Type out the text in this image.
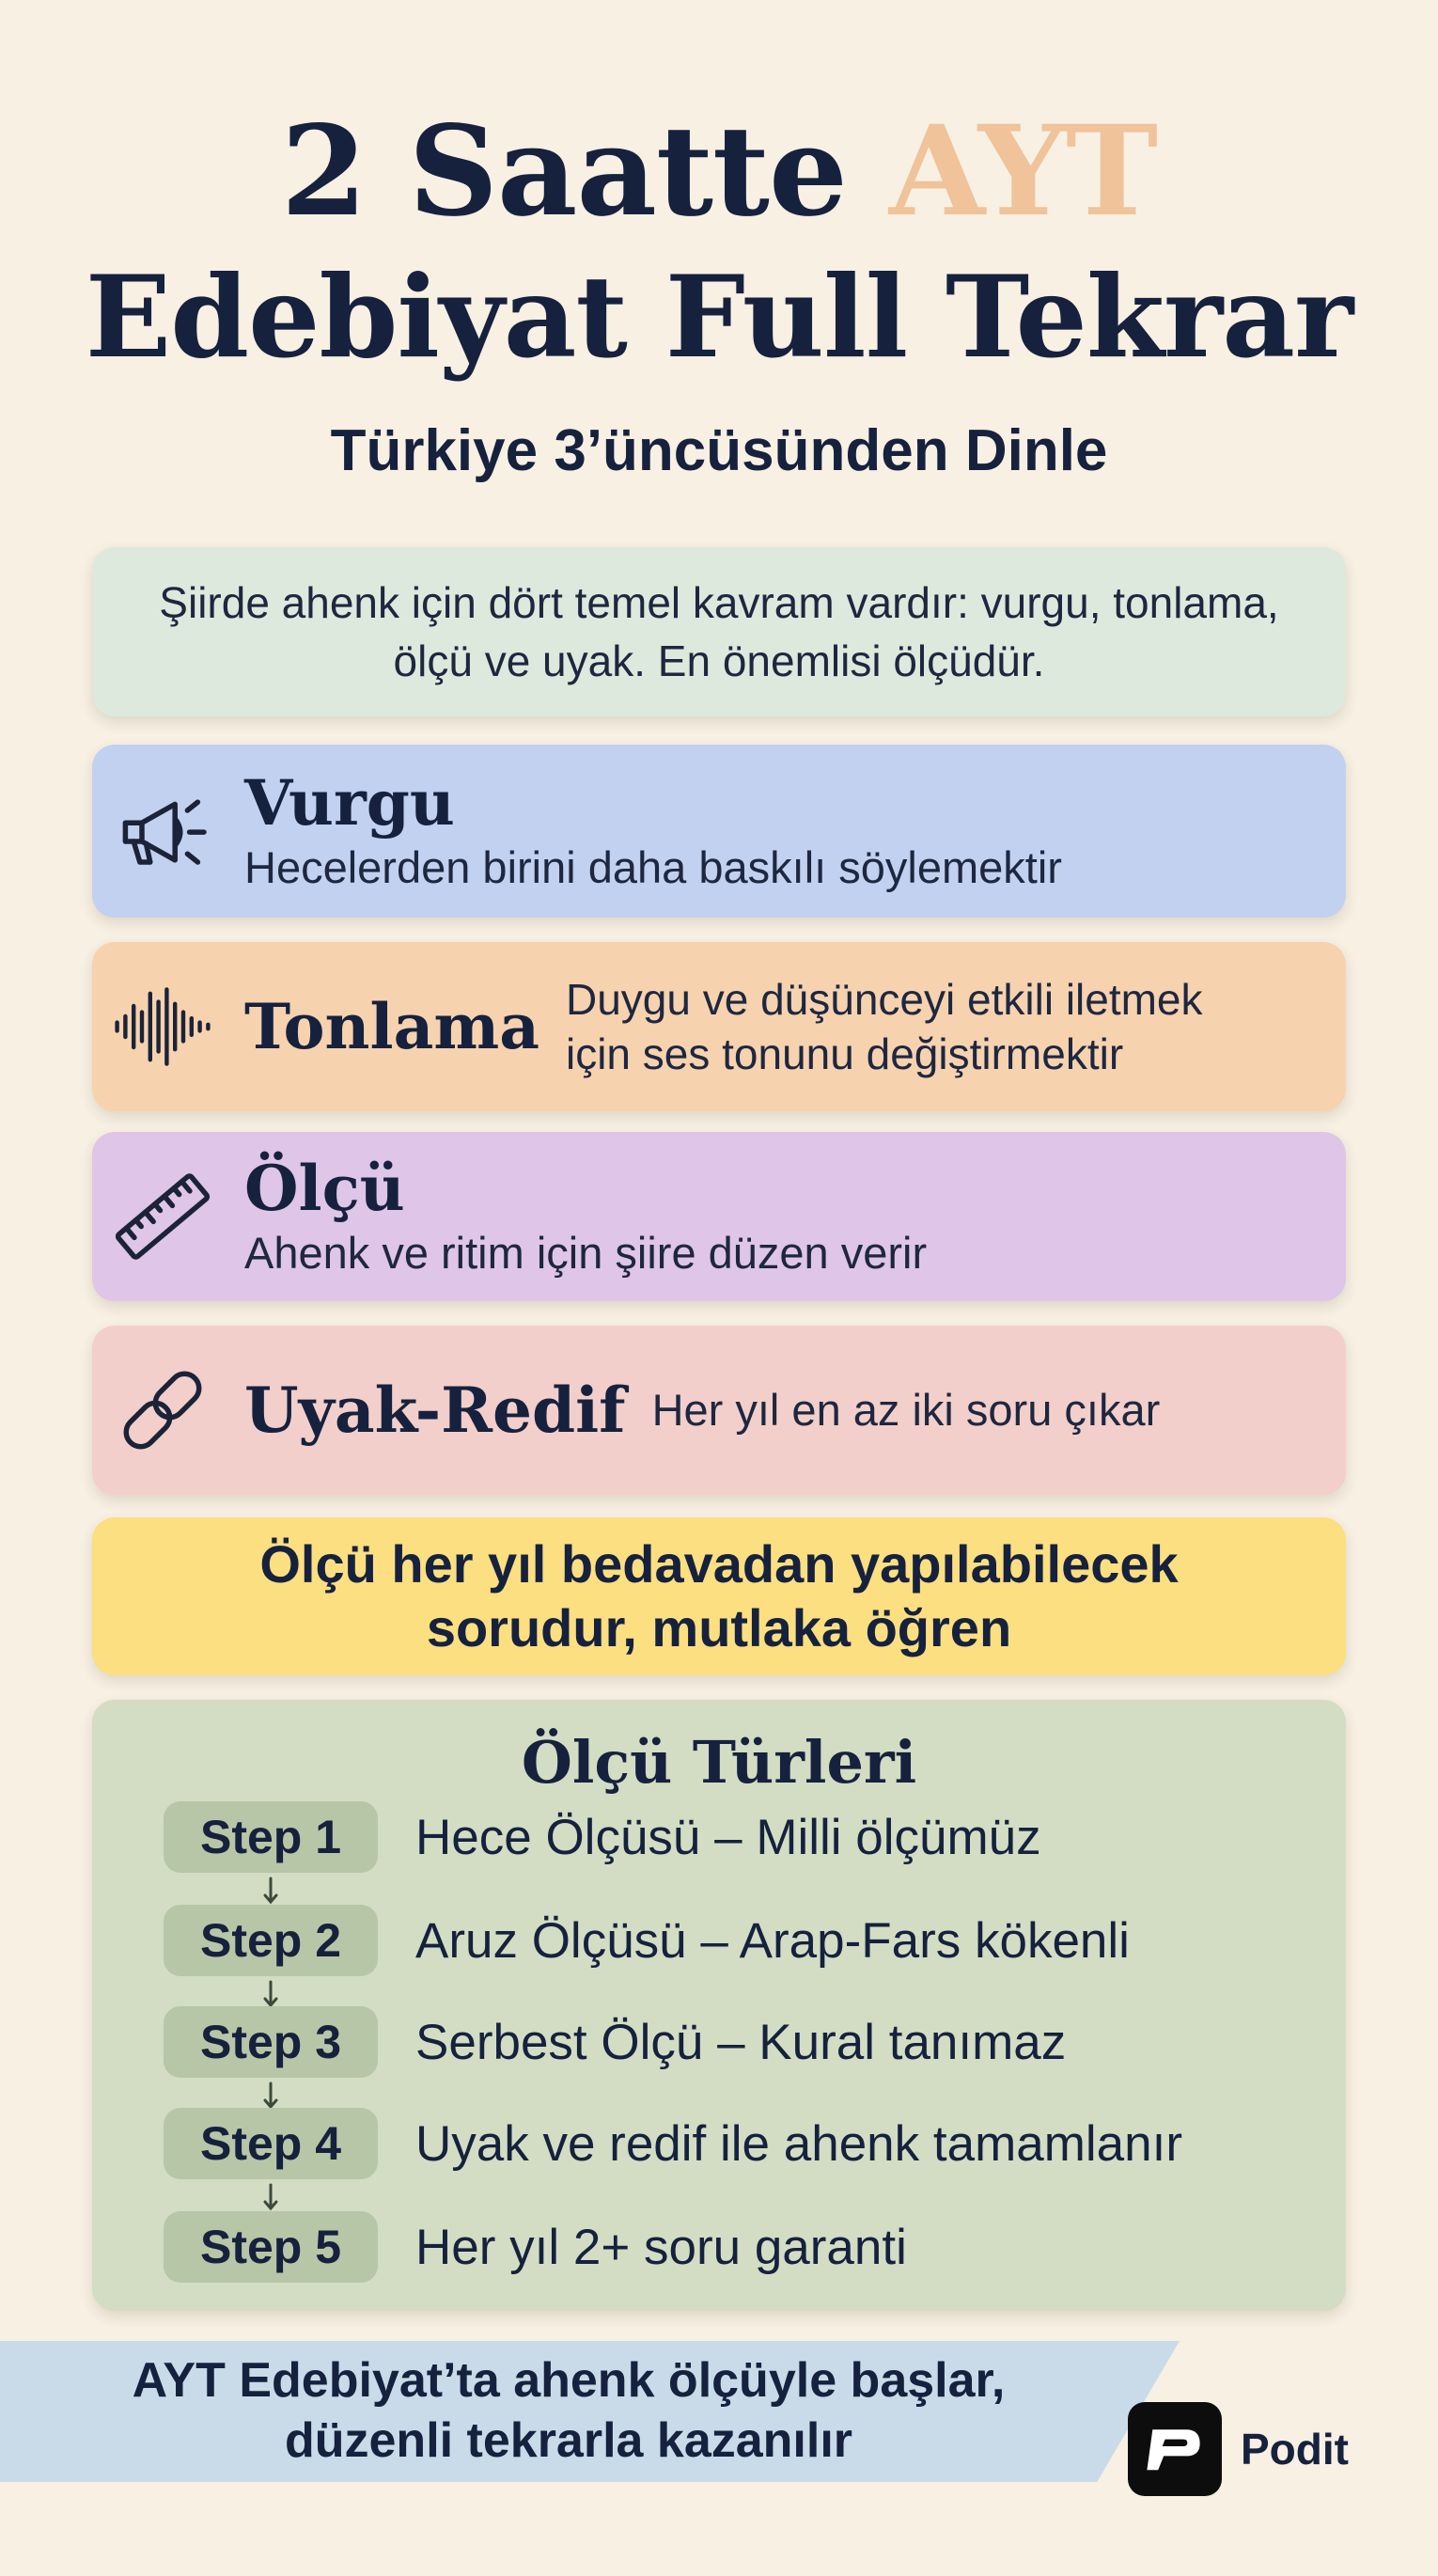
2 Saatte AYT
Edebiyat Full Tekrar
Türkiye 3’üncüsünden Dinle
Şiirde ahenk için dört temel kavram vardır: vurgu, tonlama, ölçü ve uyak. En önemlisi ölçüdür.
Vurgu
Hecelerden birini daha baskılı söylemektir
Tonlama Duygu ve düşünceyi etkili iletmek
için ses tonunu değiştirmektir
Ölçü
Ahenk ve ritim için şiire düzen verir
Uyak-Redif Her yıl en az iki soru çıkar
Ölçü her yıl bedavadan yapılabilecek
sorudur, mutlaka öğren
Ölçü Türleri
Step 1	Hece Ölçüsü – Milli ölçümüz
Step 2	Aruz Ölçüsü – Arap-Fars kökenli
Step 3	Serbest Ölçü – Kural tanımaz
Step 4	Uyak ve redif ile ahenk tamamlanır
Step 5	Her yıl 2+ soru garanti
AYT Edebiyat’ta ahenk ölçüyle başlar,
düzenli tekrarla kazanılır	Podit
